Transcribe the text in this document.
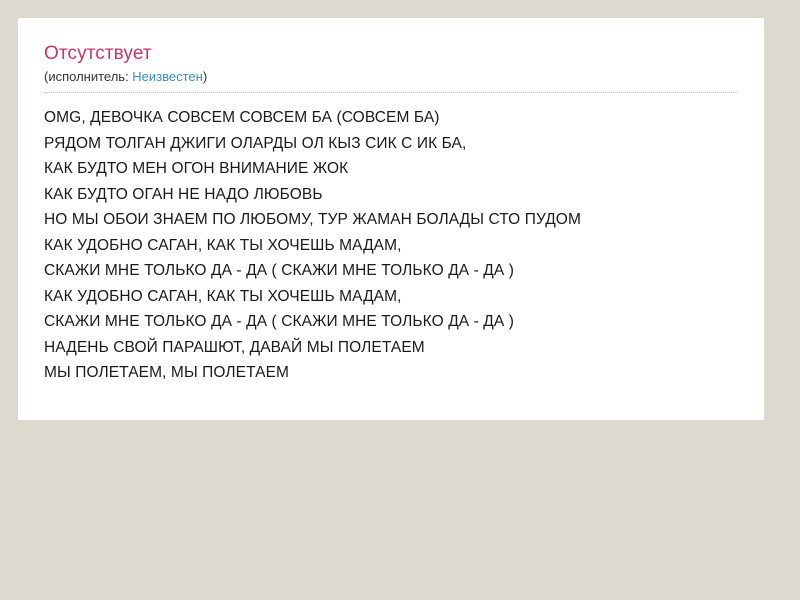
Отсутствует
(исполнитель: Неизвестен)
OMG, ДЕВОЧКА СОВСЕМ СОВСЕМ БА (СОВСЕМ БА)
РЯДОМ ТОЛГАН ДЖИГИ ОЛАРДЫ ОЛ КЫЗ СИК С ИК БА,
КАК БУДТО МЕН ОГОН ВНИМАНИЕ ЖОК
КАК БУДТО ОГАН НЕ НАДО ЛЮБОВЬ
НО МЫ ОБОИ ЗНАЕМ ПО ЛЮБОМУ, ТУР ЖАМАН БОЛАДЫ СТО ПУДОМ
КАК УДОБНО САГАН, КАК ТЫ ХОЧЕШЬ МАДАМ,
СКАЖИ МНЕ ТОЛЬКО ДА - ДА ( СКАЖИ МНЕ ТОЛЬКО ДА - ДА )
КАК УДОБНО САГАН, КАК ТЫ ХОЧЕШЬ МАДАМ,
СКАЖИ МНЕ ТОЛЬКО ДА - ДА ( СКАЖИ МНЕ ТОЛЬКО ДА - ДА )
НАДЕНЬ СВОЙ ПАРАШЮТ, ДАВАЙ МЫ ПОЛЕТАЕМ
МЫ ПОЛЕТАЕМ, МЫ ПОЛЕТАЕМ
